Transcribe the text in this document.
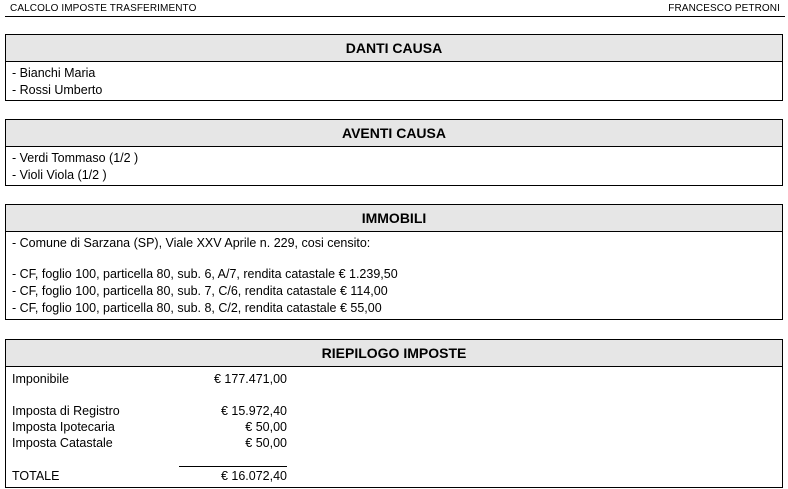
CALCOLO IMPOSTE TRASFERIMENTO	FRANCESCO PETRONI
DANTI CAUSA
- Bianchi Maria
- Rossi Umberto
AVENTI CAUSA
- Verdi Tommaso (1/2 )
- Violi Viola (1/2 )
IMMOBILI
- Comune di Sarzana (SP), Viale XXV Aprile n. 229, cosi censito:
- CF, foglio 100, particella 80, sub. 6, A/7, rendita catastale € 1.239,50
- CF, foglio 100, particella 80, sub. 7, C/6, rendita catastale € 114,00
- CF, foglio 100, particella 80, sub. 8, C/2, rendita catastale € 55,00
RIEPILOGO IMPOSTE
Imponibile	€ 177.471,00
Imposta di Registro	€ 15.972,40
Imposta Ipotecaria	€ 50,00
Imposta Catastale	€ 50,00
TOTALE	€ 16.072,40
